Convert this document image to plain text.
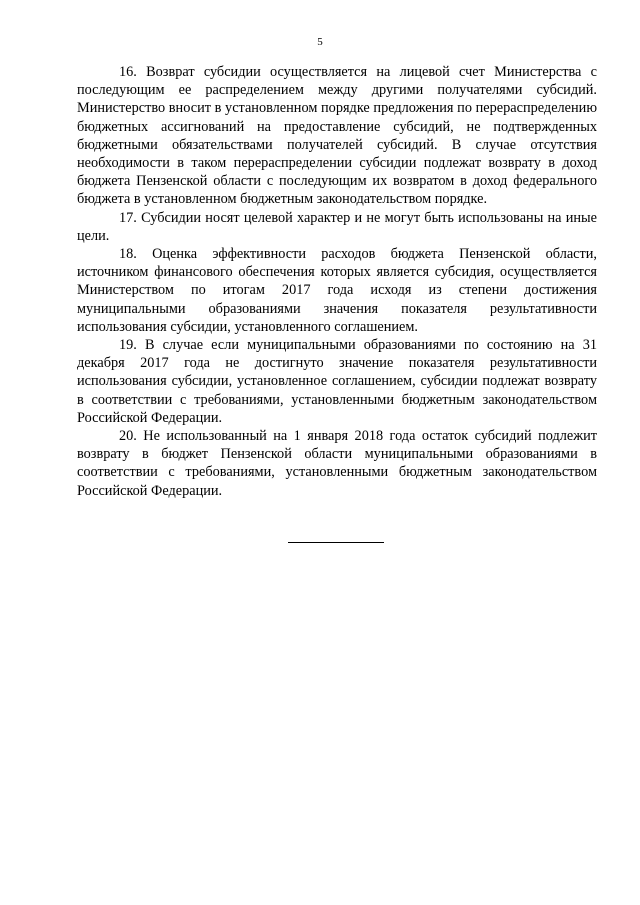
5

16. Возврат субсидии осуществляется на лицевой счет Министерства с последующим ее распределением между другими получателями субсидий. Министерство вносит в установленном порядке предложения по перераспределению бюджетных ассигнований на предоставление субсидий, не подтвержденных бюджетными обязательствами получателей субсидий. В случае отсутствия необходимости в таком перераспределении субсидии подлежат возврату в доход бюджета Пензенской области с последующим их возвратом в доход федерального бюджета в установленном бюджетным законодательством порядке.

17. Субсидии носят целевой характер и не могут быть использованы на иные цели.

18. Оценка эффективности расходов бюджета Пензенской области, источником финансового обеспечения которых является субсидия, осуществляется Министерством по итогам 2017 года исходя из степени достижения муниципальными образованиями значения показателя результативности использования субсидии, установленного соглашением.

19. В случае если муниципальными образованиями по состоянию на 31 декабря 2017 года не достигнуто значение показателя результативности использования субсидии, установленное соглашением, субсидии подлежат возврату в соответствии с требованиями, установленными бюджетным законодательством Российской Федерации.

20. Не использованный на 1 января 2018 года остаток субсидий подлежит возврату в бюджет Пензенской области муниципальными образованиями в соответствии с требованиями, установленными бюджетным законодательством Российской Федерации.
